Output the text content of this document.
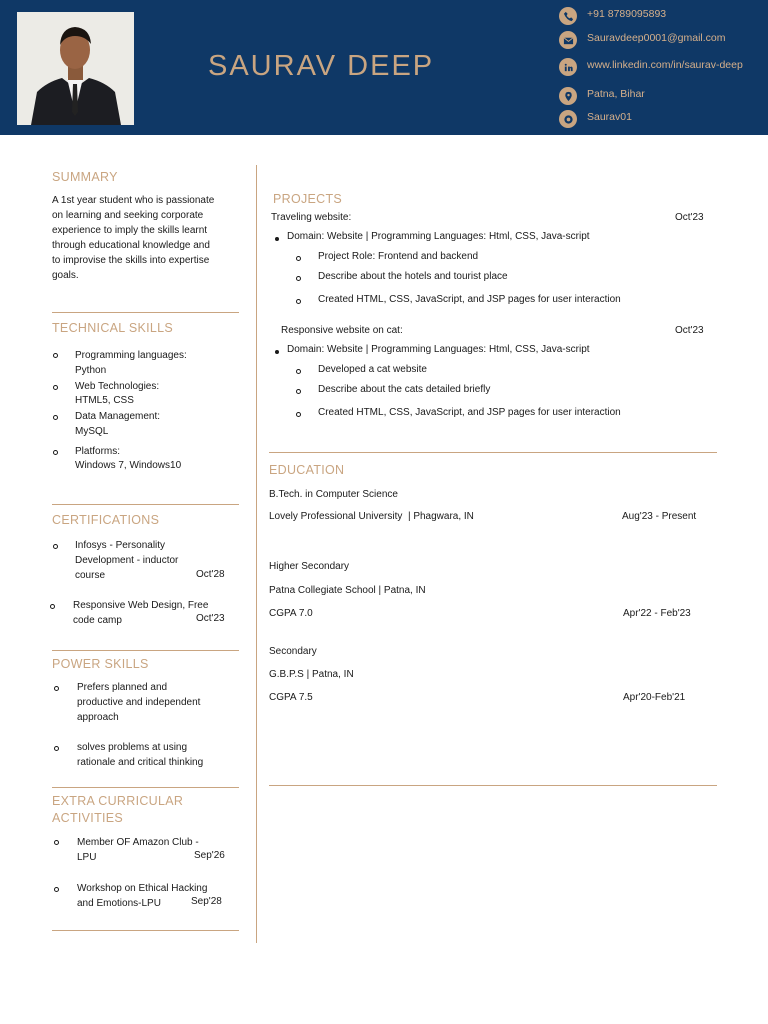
SAURAV DEEP
+91 8789095893
Sauravdeep0001@gmail.com
www.linkedin.com/in/saurav-deep
Patna, Bihar
Saurav01
SUMMARY
A 1st year student who is passionate
on learning and seeking corporate
experience to imply the skills learnt
through educational knowledge and
to improvise the skills into expertise
goals.
TECHNICAL SKILLS
Programming languages:
Python
Web Technologies:
HTML5, CSS
Data Management:
MySQL
Platforms:
Windows 7, Windows10
CERTIFICATIONS
Infosys - Personality
Development - inductor
course	Oct'28
Responsive Web Design, Free
code camp	Oct'23
POWER SKILLS
Prefers planned and
productive and independent
approach
solves problems at using
rationale and critical thinking
EXTRA CURRICULAR
ACTIVITIES
Member OF Amazon Club -
LPU	Sep'26
Workshop on Ethical Hacking
and Emotions-LPU	Sep'28
PROJECTS
Traveling website:	Oct'23
Domain: Website | Programming Languages: Html, CSS, Java-script
Project Role: Frontend and backend
Describe about the hotels and tourist place
Created HTML, CSS, JavaScript, and JSP pages for user interaction
Responsive website on cat:	Oct'23
Domain: Website | Programming Languages: Html, CSS, Java-script
Developed a cat website
Describe about the cats detailed briefly
Created HTML, CSS, JavaScript, and JSP pages for user interaction
EDUCATION
B.Tech. in Computer Science
Lovely Professional University  | Phagwara, IN	Aug'23 - Present
Higher Secondary
Patna Collegiate School | Patna, IN
CGPA 7.0	Apr'22 - Feb'23
Secondary
G.B.P.S | Patna, IN
CGPA 7.5	Apr'20-Feb'21
